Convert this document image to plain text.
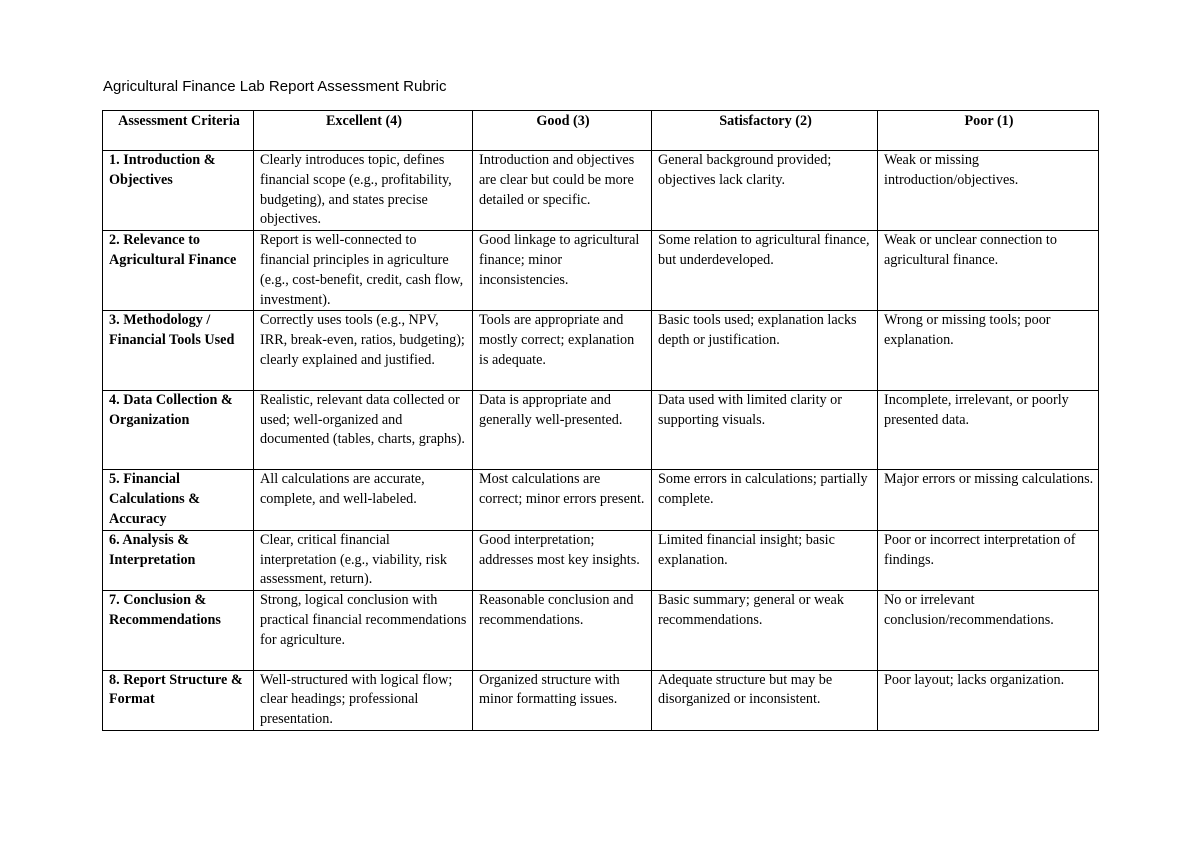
Agricultural Finance Lab Report Assessment Rubric
Assessment Criteria	Excellent (4)	Good (3)	Satisfactory (2)	Poor (1)
1. Introduction & Objectives	Clearly introduces topic, defines financial scope (e.g., profitability, budgeting), and states precise objectives.	Introduction and objectives are clear but could be more detailed or specific.	General background provided; objectives lack clarity.	Weak or missing introduction/objectives.
2. Relevance to Agricultural Finance	Report is well-connected to financial principles in agriculture (e.g., cost-benefit, credit, cash flow, investment).	Good linkage to agricultural finance; minor inconsistencies.	Some relation to agricultural finance, but underdeveloped.	Weak or unclear connection to agricultural finance.
3. Methodology / Financial Tools Used	Correctly uses tools (e.g., NPV, IRR, break-even, ratios, budgeting); clearly explained and justified.	Tools are appropriate and mostly correct; explanation is adequate.	Basic tools used; explanation lacks depth or justification.	Wrong or missing tools; poor explanation.
4. Data Collection & Organization	Realistic, relevant data collected or used; well-organized and documented (tables, charts, graphs).	Data is appropriate and generally well-presented.	Data used with limited clarity or supporting visuals.	Incomplete, irrelevant, or poorly presented data.
5. Financial Calculations & Accuracy	All calculations are accurate, complete, and well-labeled.	Most calculations are correct; minor errors present.	Some errors in calculations; partially complete.	Major errors or missing calculations.
6. Analysis & Interpretation	Clear, critical financial interpretation (e.g., viability, risk assessment, return).	Good interpretation; addresses most key insights.	Limited financial insight; basic explanation.	Poor or incorrect interpretation of findings.
7. Conclusion & Recommendations	Strong, logical conclusion with practical financial recommendations for agriculture.	Reasonable conclusion and recommendations.	Basic summary; general or weak recommendations.	No or irrelevant conclusion/recommendations.
8. Report Structure & Format	Well-structured with logical flow; clear headings; professional presentation.	Organized structure with minor formatting issues.	Adequate structure but may be disorganized or inconsistent.	Poor layout; lacks organization.
